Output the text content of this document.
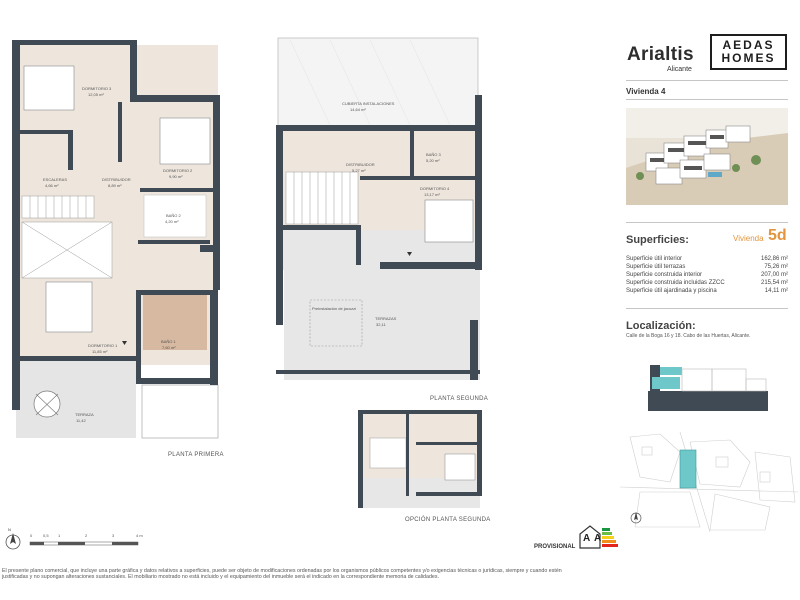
DORMITORIO 3
12,05 m²
DORMITORIO 2
9,90 m²
DISTRIBUIDOR
8,89 m²
ESCALERAS
4,66 m²
BAÑO 2
4,20 m²
DORMITORIO 1
11,85 m²
BAÑO 1
7,60 m²
TERRAZA
11,42
PLANTA PRIMERA
CUBIERTA INSTALACIONES
14,64 m²
DISTRIBUIDOR
5,27 m²
BAÑO 3
5,20 m²
DORMITORIO 4
13,17 m²
Preinstalación de jacuzzi
TERRAZAS
32,11
PLANTA SEGUNDA
OPCIÓN PLANTA SEGUNDA
N
0	0,5 1	2	3	4 m
PROVISIONAL
A A
El presente plano comercial, que incluye una parte gráfica y datos relativos a superficies, puede ser objeto de modificaciones ordenadas por los organismos públicos competentes y/o exigencias técnicas o jurídicas, siempre y cuando estén justificadas y no supongan alteraciones sustanciales. El mobiliario mostrado no está incluido y el equipamiento del inmueble será el indicado en la correspondiente memoria de calidades.
Arialtis
Alicante
AEDAS
HOMES
Vivienda 4
Superficies:	Vivienda 5d
Superficie útil interior	162,86 m²
Superficie útil terrazas	75,26 m²
Superficie construida interior	207,00 m²
Superficie construida incluidas ZZCC	215,54 m²
Superficie útil ajardinada y piscina	14,11 m²
Localización:
Calle de la Boga 16 y 18. Cabo de las Huertas, Alicante.
